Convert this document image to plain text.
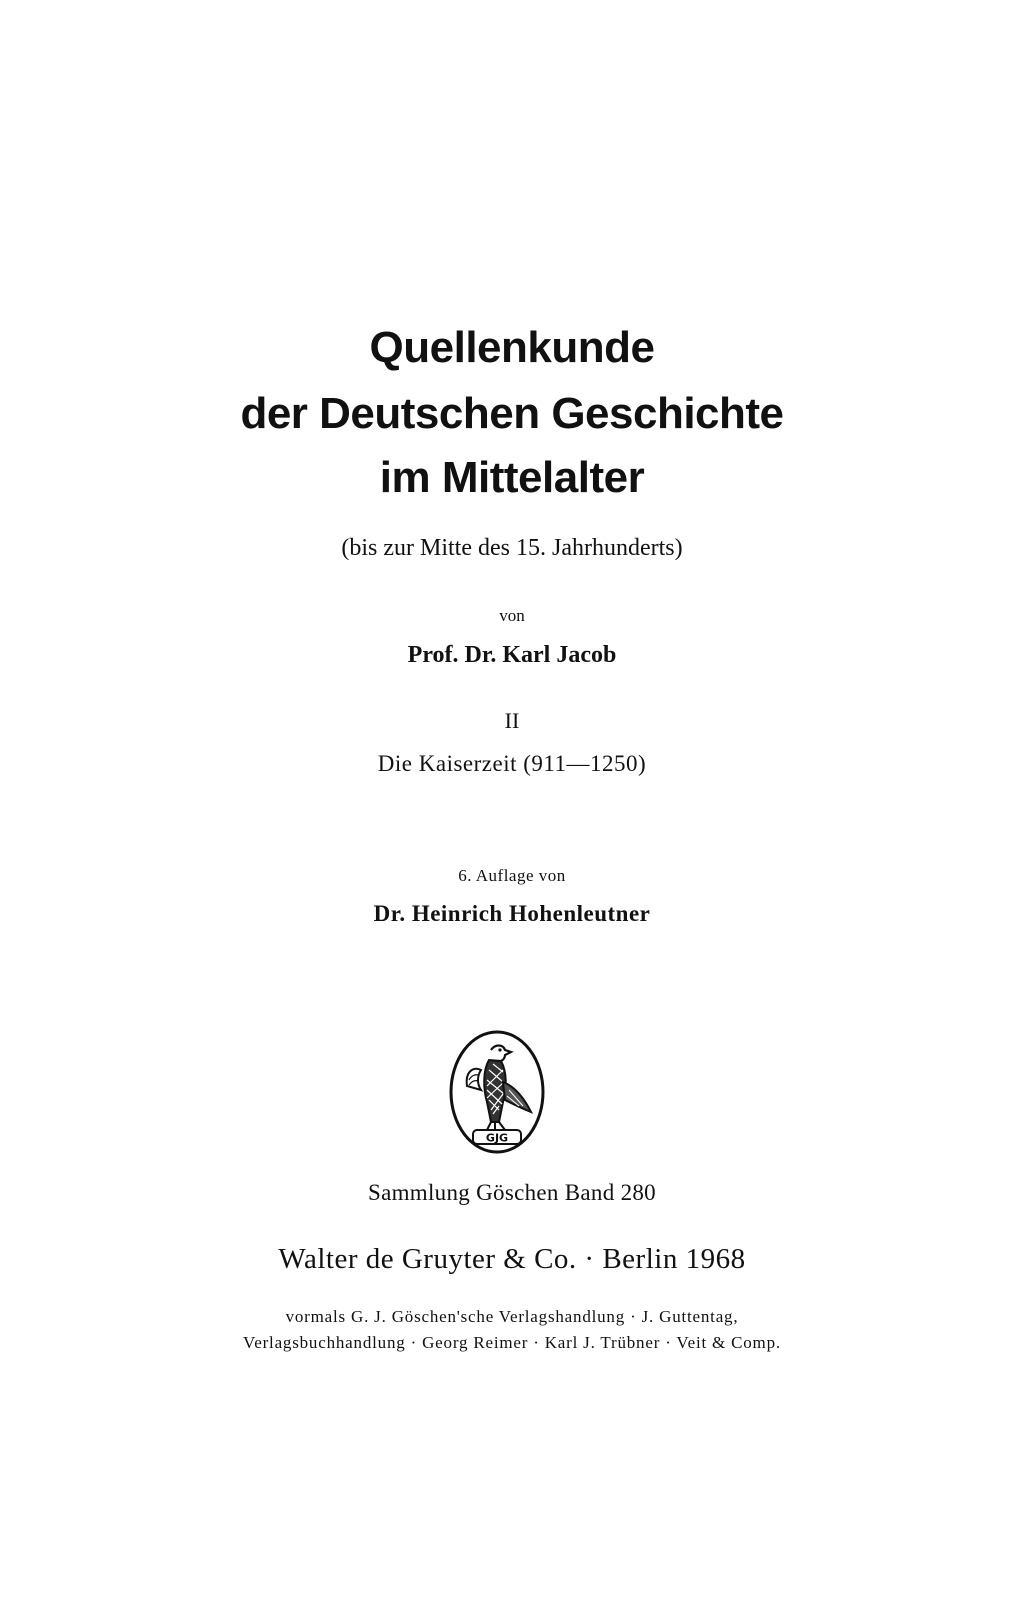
Quellenkunde
der Deutschen Geschichte
im Mittelalter
(bis zur Mitte des 15. Jahrhunderts)
von
Prof. Dr. Karl Jacob
II
Die Kaiserzeit (911—1250)
6. Auflage von
Dr. Heinrich Hohenleutner
GJG
Sammlung Göschen Band 280
Walter de Gruyter & Co. · Berlin 1968
vormals G. J. Göschen'sche Verlagshandlung · J. Guttentag,
Verlagsbuchhandlung · Georg Reimer · Karl J. Trübner · Veit & Comp.
